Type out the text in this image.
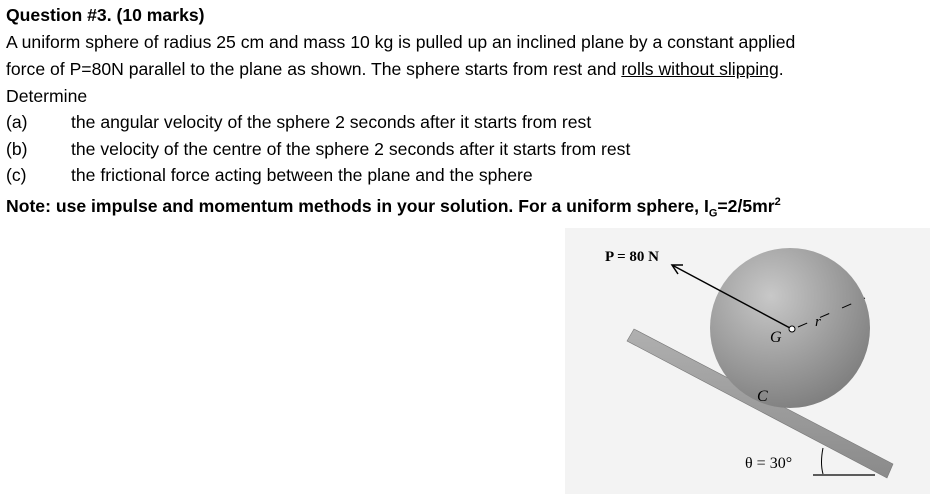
Question #3. (10 marks)
A uniform sphere of radius 25 cm and mass 10 kg is pulled up an inclined plane by a constant applied
force of P=80N parallel to the plane as shown. The sphere starts from rest and rolls without slipping.
Determine
(a) the angular velocity of the sphere 2 seconds after it starts from rest
(b) the velocity of the centre of the sphere 2 seconds after it starts from rest
(c)	the frictional force acting between the plane and the sphere
Note: use impulse and momentum methods in your solution. For a uniform sphere, $I_G=2/5mr^2$
P = 80 N
G
r
C
θ = 30°
